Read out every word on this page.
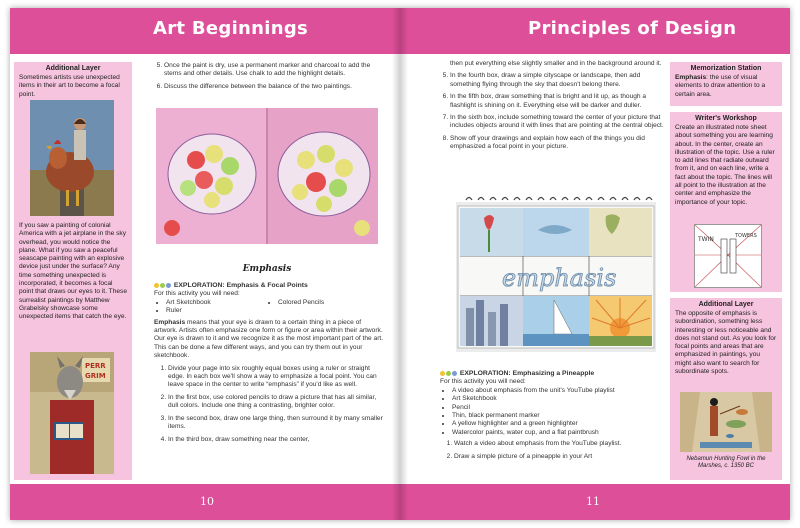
Art Beginnings
Additional Layer
Sometimes artists use unexpected items in their art to become a focal point.
If you saw a painting of colonial America with a jet airplane in the sky overhead, you would notice the plane. What if you saw a peaceful seascape painting with an explosive device just under the surface? Any time something unexpected is incorporated, it becomes a focal point that draws our eyes to it. These surrealist paintings by Matthew Grabelsky showcase some unexpected items that catch the eye.
PERR
GRIM
5. Once the paint is dry, use a permanent marker and charcoal to add the stems and other details. Use chalk to add the highlight details.
6. Discuss the difference between the balance of the two paintings.
Emphasis
EXPLORATION: Emphasis & Focal Points
For this activity you will need:
• Art Sketchbook
• Ruler
• Colored Pencils

Emphasis means that your eye is drawn to a certain thing in a piece of artwork. Artists often emphasize one form or figure or area within their artwork. Our eye is drawn to it and we recognize it as the most important part of the art. This can be done a few different ways, and you can try them out in your sketchbook.

1. Divide your page into six roughly equal boxes using a ruler or straight edge. In each box we'll show a way to emphasize a focal point. You can leave space in the center to write “emphasis” if you'd like as well.
2. In the first box, use colored pencils to draw a picture that has all similar, dull colors. Include one thing a contrasting, brighter color.
3. In the second box, draw one large thing, then surround it by many smaller items.
4. In the third box, draw something near the center,
10
Principles of Design
then put everything else slightly smaller and in the background around it.
5. In the fourth box, draw a simple cityscape or landscape, then add something flying through the sky that doesn't belong there.
6. In the fifth box, draw something that is bright and lit up, as though a flashlight is shining on it. Everything else will be darker and duller.
7. In the sixth box, include something toward the center of your picture that includes objects around it with lines that are pointing at the central object.
8. Show off your drawings and explain how each of the things you did emphasized a focal point in your picture.
emphasis
EXPLORATION: Emphasizing a Pineapple
For this activity you will need:
• A video about emphasis from the unit's YouTube playlist
• Art Sketchbook
• Pencil
• Thin, black permanent marker
• A yellow highlighter and a green highlighter
• Watercolor paints, water cup, and a flat paintbrush
1. Watch a video about emphasis from the YouTube playlist.
2. Draw a simple picture of a pineapple in your Art
Memorization Station
Emphasis: the use of visual elements to draw attention to a certain area.
Writer's Workshop
Create an illustrated note sheet about something you are learning about. In the center, create an illustration of the topic. Use a ruler to add lines that radiate outward from it, and on each line, write a fact about the topic. The lines will all point to the illustration at the center and emphasize the importance of your topic.
TWIN	TOWERS
Additional Layer
The opposite of emphasis is subordination, something less interesting or less noticeable and does not stand out. As you look for focal points and areas that are emphasized in paintings, you might also want to search for subordinate spots.
Nebamun Hunting Fowl in the Marshes, c. 1350 BC
11
